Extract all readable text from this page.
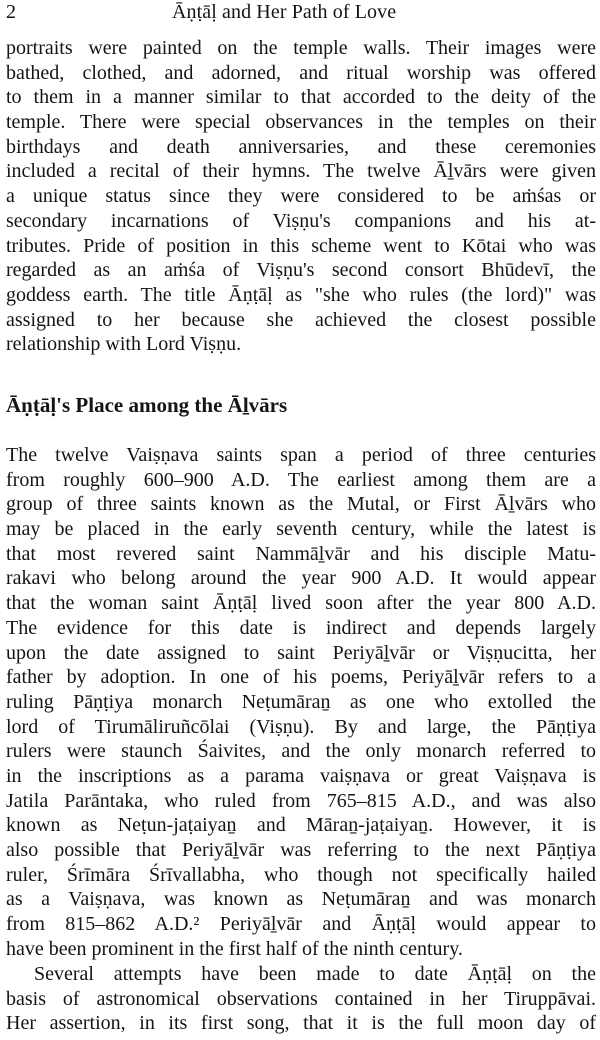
2	Āṇṭāḷ and Her Path of Love
portraits were painted on the temple walls. Their images were
bathed, clothed, and adorned, and ritual worship was offered
to them in a manner similar to that accorded to the deity of the
temple. There were special observances in the temples on their
birthdays and death anniversaries, and these ceremonies
included a recital of their hymns. The twelve Āḻvārs were given
a unique status since they were considered to be aṁśas or
secondary incarnations of Viṣṇu's companions and his at-
tributes. Pride of position in this scheme went to Kōtai who was
regarded as an aṁśa of Viṣṇu's second consort Bhūdevī, the
goddess earth. The title Āṇṭāḷ as "she who rules (the lord)" was
assigned to her because she achieved the closest possible
relationship with Lord Viṣṇu.
Āṇṭāḷ's Place among the Āḻvārs
The twelve Vaiṣṇava saints span a period of three centuries
from roughly 600–900 A.D. The earliest among them are a
group of three saints known as the Mutal, or First Āḻvārs who
may be placed in the early seventh century, while the latest is
that most revered saint Nammāḻvār and his disciple Matu-
rakavi who belong around the year 900 A.D. It would appear
that the woman saint Āṇṭāḷ lived soon after the year 800 A.D.
The evidence for this date is indirect and depends largely
upon the date assigned to saint Periyāḻvār or Viṣṇucitta, her
father by adoption. In one of his poems, Periyāḻvār refers to a
ruling Pāṇṭiya monarch Neṭumāraṉ as one who extolled the
lord of Tirumāliruñcōlai (Viṣṇu). By and large, the Pāṇṭiya
rulers were staunch Śaivites, and the only monarch referred to
in the inscriptions as a parama vaiṣṇava or great Vaiṣṇava is
Jatila Parāntaka, who ruled from 765–815 A.D., and was also
known as Neṭun-jaṭaiyaṉ and Māraṉ-jaṭaiyaṉ. However, it is
also possible that Periyāḻvār was referring to the next Pāṇṭiya
ruler, Śrīmāra Śrīvallabha, who though not specifically hailed
as a Vaiṣṇava, was known as Neṭumāraṉ and was monarch
from 815–862 A.D.² Periyāḻvār and Āṇṭāḷ would appear to
have been prominent in the first half of the ninth century.
Several attempts have been made to date Āṇṭāḷ on the
basis of astronomical observations contained in her Tiruppāvai.
Her assertion, in its first song, that it is the full moon day of
